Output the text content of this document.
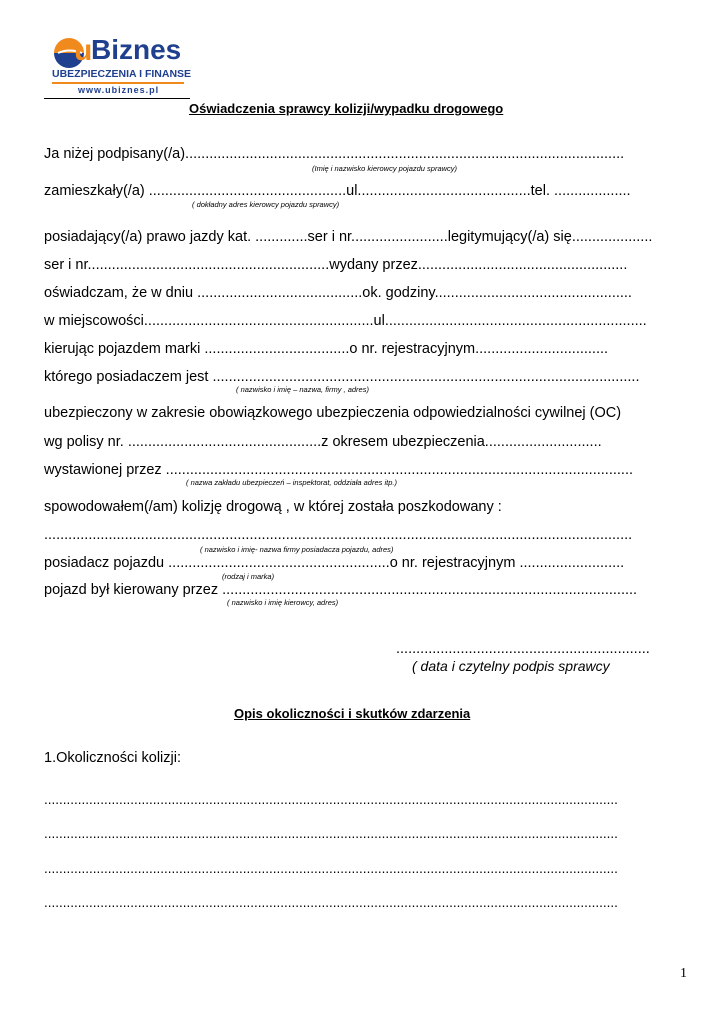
u

Biznes

UBEZPIECZENIA I FINANSE

www.ubiznes.pl

Oświadczenia sprawcy kolizji/wypadku drogowego
Ja niżej podpisany(/a).............................................................................................................
(Imię i nazwisko kierowcy pojazdu sprawcy)
zamieszkały(/a) .................................................ul...........................................tel. ...................
( dokładny adres kierowcy pojazdu sprawcy)
posiadający(/a) prawo jazdy kat. .............ser i nr........................legitymujący(/a) się....................
ser i nr............................................................wydany przez....................................................
oświadczam, że w dniu .........................................ok. godziny.................................................
w miejscowości.........................................................ul.................................................................
kierując pojazdem marki ....................................o nr. rejestracyjnym.................................
którego posiadaczem jest ..........................................................................................................
( nazwisko i imię – nazwa, firmy , adres)
ubezpieczony w zakresie obowiązkowego ubezpieczenia odpowiedzialności cywilnej (OC)
wg polisy nr. ................................................z okresem ubezpieczenia.............................
wystawionej przez ....................................................................................................................
( nazwa zakładu ubezpieczeń – inspektorat, oddziała adres itp.)
spowodowałem(/am) kolizję drogową , w której została poszkodowany :
..................................................................................................................................................
( nazwisko i imię- nazwa firmy posiadacza pojazdu, adres)
posiadacz pojazdu .......................................................o nr. rejestracyjnym ..........................
(rodzaj i marka)
pojazd był kierowany przez .......................................................................................................
( nazwisko i imię kierowcy, adres)
...............................................................
( data i czytelny podpis sprawcy
Opis okoliczności i skutków zdarzenia
1.Okoliczności kolizji:
.........................................................................................................................................................
.........................................................................................................................................................
.........................................................................................................................................................
.........................................................................................................................................................
1
